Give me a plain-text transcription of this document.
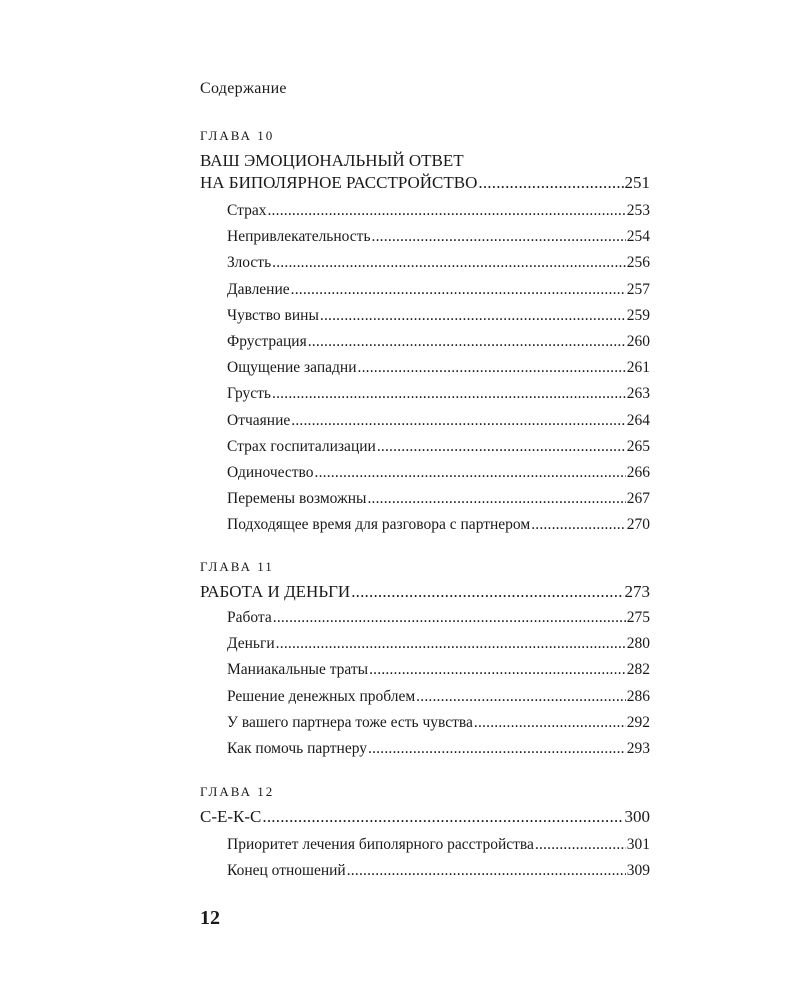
Содержание
ГЛАВА 10
ВАШ ЭМОЦИОНАЛЬНЫЙ ОТВЕТ
НА БИПОЛЯРНОЕ РАССТРОЙСТВО .....	251
Страх .....	253
Непривлекательность .....	254
Злость .....	256
Давление .....	257
Чувство вины .....	259
Фрустрация .....	260
Ощущение западни .....	261
Грусть .....	263
Отчаяние .....	264
Страх госпитализации .....	265
Одиночество .....	266
Перемены возможны .....	267
Подходящее время для разговора с партнером .....	270
ГЛАВА 11
РАБОТА И ДЕНЬГИ .....	273
Работа .....	275
Деньги .....	280
Маниакальные траты .....	282
Решение денежных проблем .....	286
У вашего партнера тоже есть чувства .....	292
Как помочь партнеру .....	293
ГЛАВА 12
С-Е-К-С .....	300
Приоритет лечения биполярного расстройства .....	301
Конец отношений .....	309
12
